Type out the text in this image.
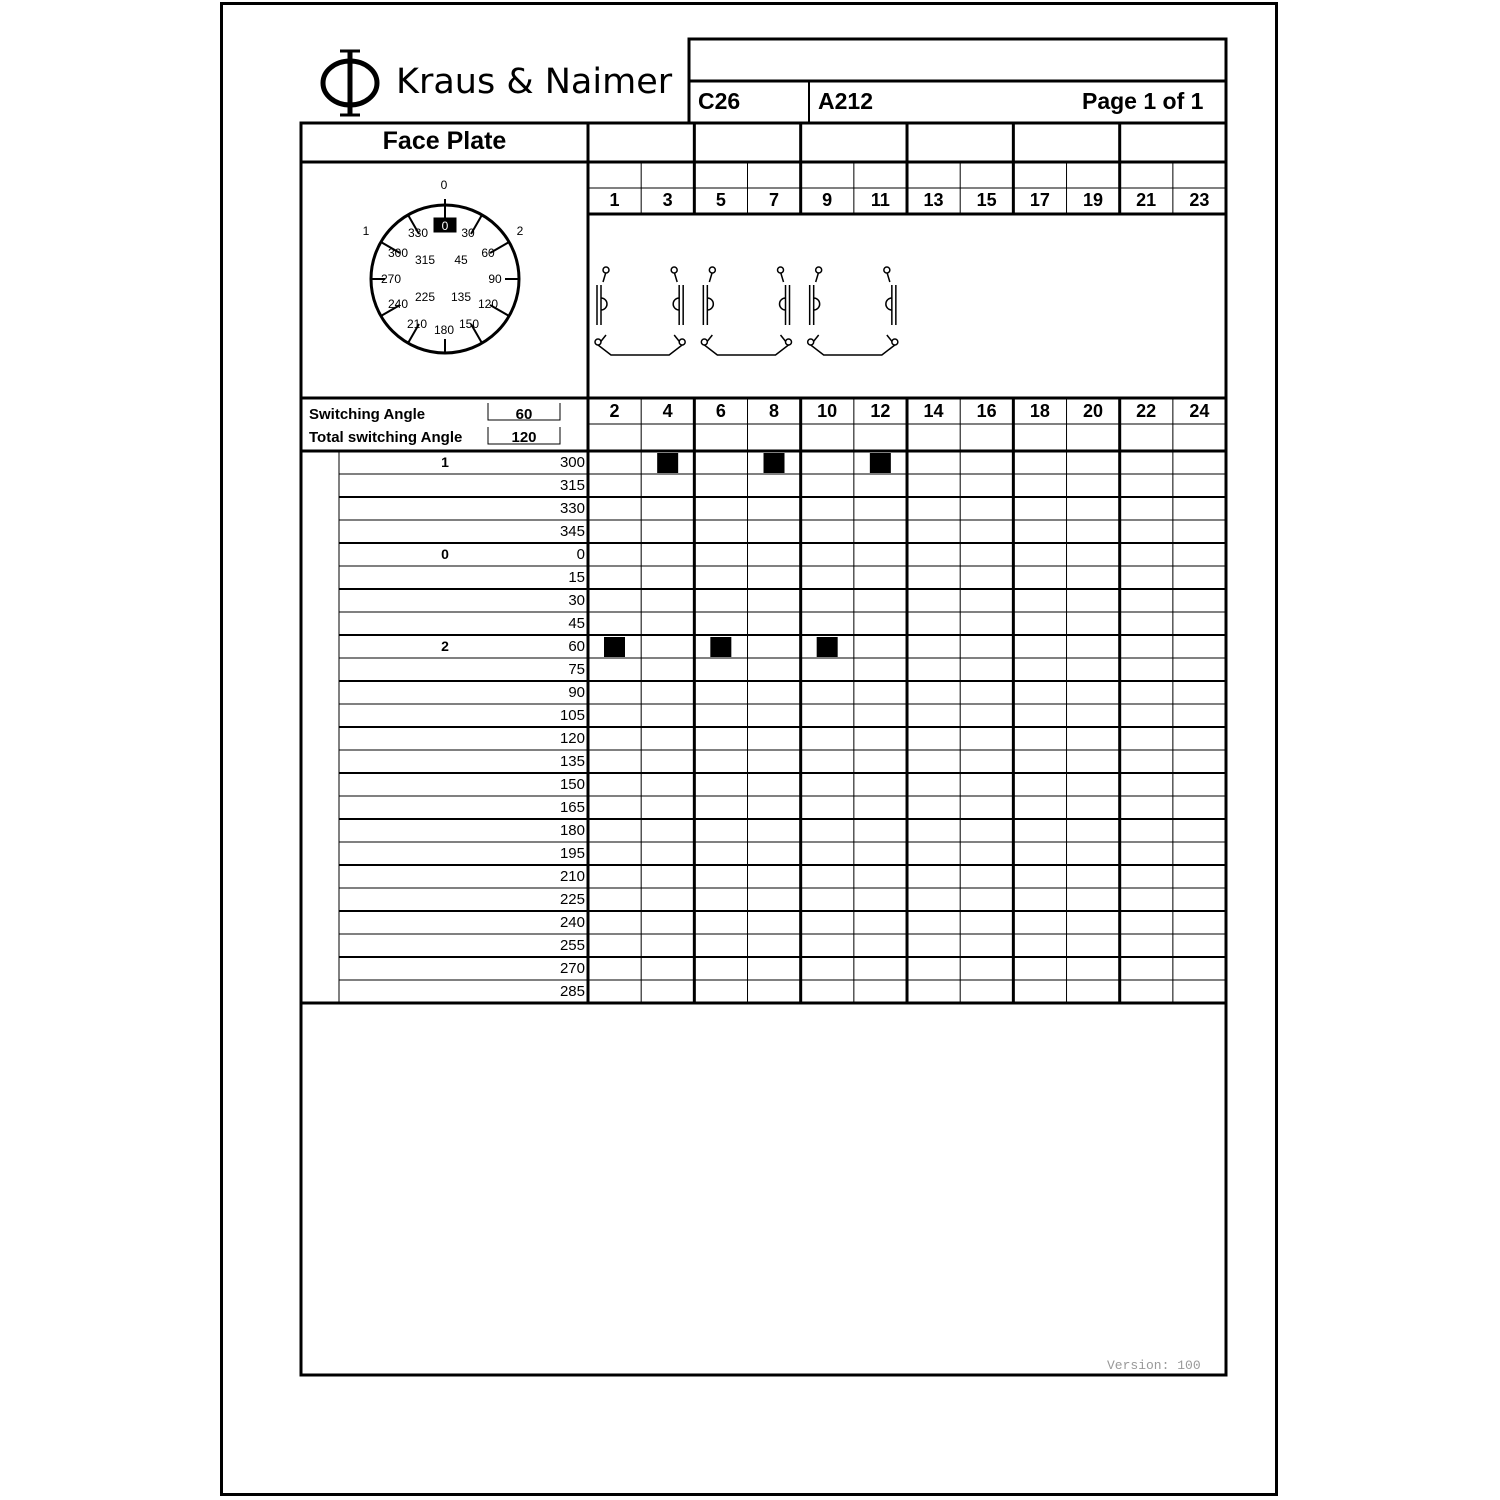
Kraus & Naimer
0 30
60
90
120
150
180
210
240
270
300
330
45
135
225
315
0
1	2
C26	A212	Page 1 of 1
Face Plate
Switching Angle	60
Total switching Angle	120
1	3	5	7	9	11	13	15	17	19	21	23
2	4	6	8	10	12	14	16	18	20	22	24
1	300
315
330
345
0	0
15
30
45
2	60
75
90
105
120
135
150
165
180
195
210
225
240
255
270
285
Version: 100
